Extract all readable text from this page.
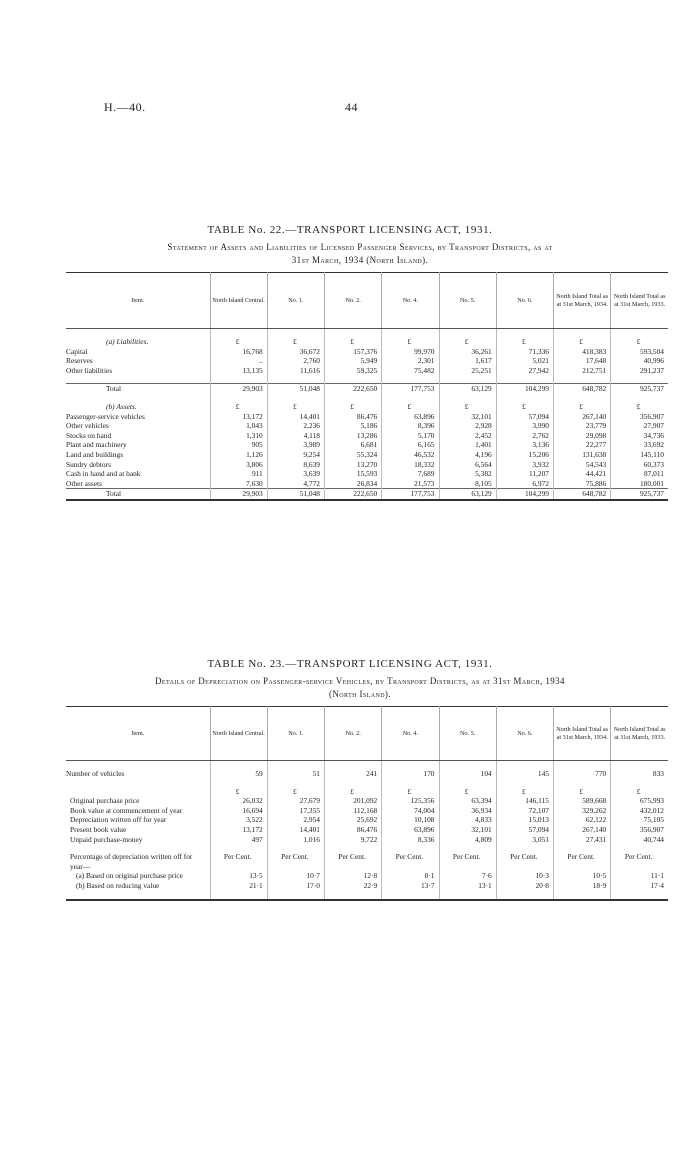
H.—40.	44
TABLE No. 22.—TRANSPORT LICENSING ACT, 1931.
Statement of Assets and Liabilities of Licensed Passenger Services, by Transport Districts, as at
31st March, 1934 (North Island).
Item.	North Island Central.	No. 1.	No. 2.	No. 4.	No. 5.	No. 6.	North Island Total as at 31st March, 1934.	North Island Total as at 31st March, 1933.

(a) Liabilities.	£	£	£	£	£	£	£	£
Capital	16,768	36,672	157,376	99,970	36,261	71,336	418,383	593,504
Reserves	..	2,760	5,949	2,301	1,617	5,021	17,648	40,996
Other liabilities	13,135	11,616	59,325	75,482	25,251	27,942	212,751	291,237

Total	29,903	51,048	222,650	177,753	63,129	104,299	648,782	925,737

(b) Assets.	£	£	£	£	£	£	£	£
Passenger-service vehicles	13,172	14,401	86,476	63,896	32,101	57,094	267,140	356,907
Other vehicles	1,043	2,236	5,186	8,396	2,928	3,990	23,779	27,907
Stocks on hand	1,310	4,118	13,286	5,170	2,452	2,762	29,098	34,736
Plant and machinery	905	3,989	6,681	6,165	1,401	3,136	22,277	33,692
Land and buildings	1,126	9,254	55,324	46,532	4,196	15,206	131,638	145,110
Sundry debtors	3,806	8,639	13,270	18,332	6,564	3,932	54,543	60,373
Cash in hand and at bank	911	3,639	15,593	7,689	5,382	11,207	44,421	87,011
Other assets	7,630	4,772	26,834	21,573	8,105	6,972	75,886	180,001
Total	29,903	51,048	222,650	177,753	63,129	104,299	648,782	925,737
TABLE No. 23.—TRANSPORT LICENSING ACT, 1931.
Details of Depreciation on Passenger-service Vehicles, by Transport Districts, as at 31st March, 1934
(North Island).
Item.	North Island Central.	No. 1.	No. 2.	No. 4.	No. 5.	No. 6.	North Island Total as at 31st March, 1934.	North Island Total as at 31st March, 1933.

Number of vehicles	59	51	241	170	104	145	770	833

	£	£	£	£	£	£	£	£
Original purchase price	26,032	27,679	201,092	125,356	63,394	146,115	589,668	675,993
Book value at commencement of year	16,694	17,355	112,168	74,004	36,934	72,107	329,262	432,012
Depreciation written off for year	3,522	2,954	25,692	10,108	4,833	15,013	62,122	75,105
Present book value	13,172	14,401	86,476	63,896	32,101	57,094	267,140	356,907
Unpaid purchase-money	497	1,016	9,722	8,336	4,809	3,051	27,431	40,744

Percentage of depreciation written off for year—	Per Cent.	Per Cent.	Per Cent.	Per Cent.	Per Cent.	Per Cent.	Per Cent.	Per Cent.
(a) Based on original purchase price	13·5	10·7	12·8	8·1	7·6	10·3	10·5	11·1
(b) Based on reducing value	21·1	17·0	22·9	13·7	13·1	20·8	18·9	17·4
